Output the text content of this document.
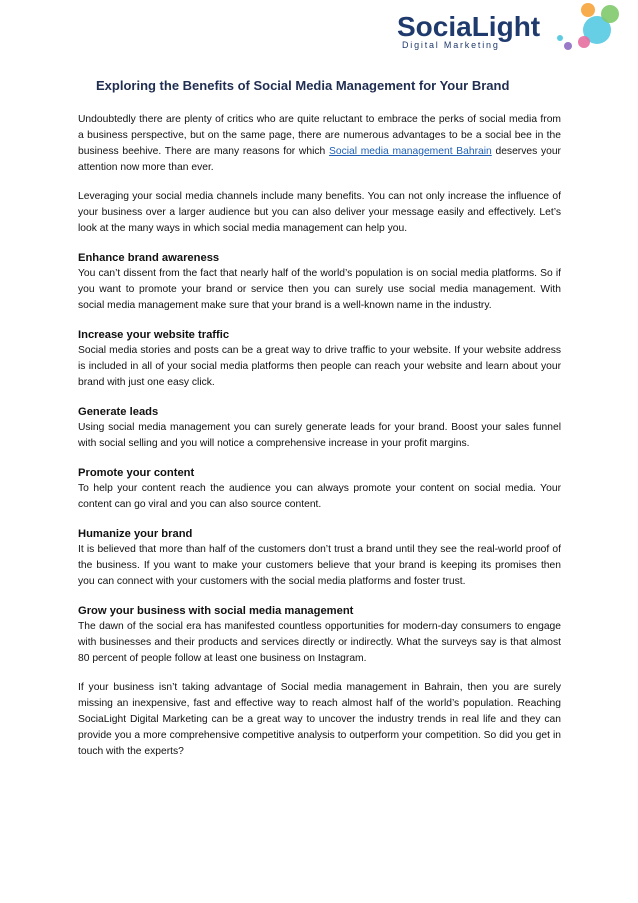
SociaLight
Digital Marketing
Exploring the Benefits of Social Media Management for Your Brand

Undoubtedly there are plenty of critics who are quite reluctant to embrace the perks of social media from a business perspective, but on the same page, there are numerous advantages to be a social bee in the business beehive. There are many reasons for which Social media management Bahrain deserves your attention now more than ever.

Leveraging your social media channels include many benefits. You can not only increase the influence of your business over a larger audience but you can also deliver your message easily and effectively. Let’s look at the many ways in which social media management can help you.

Enhance brand awareness

You can’t dissent from the fact that nearly half of the world’s population is on social media platforms. So if you want to promote your brand or service then you can surely use social media management. With social media management make sure that your brand is a well-known name in the industry.

Increase your website traffic

Social media stories and posts can be a great way to drive traffic to your website. If your website address is included in all of your social media platforms then people can reach your website and learn about your brand with just one easy click.

Generate leads

Using social media management you can surely generate leads for your brand. Boost your sales funnel with social selling and you will notice a comprehensive increase in your profit margins.

Promote your content

To help your content reach the audience you can always promote your content on social media. Your content can go viral and you can also source content.

Humanize your brand

It is believed that more than half of the customers don’t trust a brand until they see the real-world proof of the business. If you want to make your customers believe that your brand is keeping its promises then you can connect with your customers with the social media platforms and foster trust.

Grow your business with social media management

The dawn of the social era has manifested countless opportunities for modern-day consumers to engage with businesses and their products and services directly or indirectly. What the surveys say is that almost 80 percent of people follow at least one business on Instagram.

If your business isn’t taking advantage of Social media management in Bahrain, then you are surely missing an inexpensive, fast and effective way to reach almost half of the world’s population. Reaching SociaLight Digital Marketing can be a great way to uncover the industry trends in real life and they can provide you a more comprehensive competitive analysis to outperform your competition. So did you get in touch with the experts?
